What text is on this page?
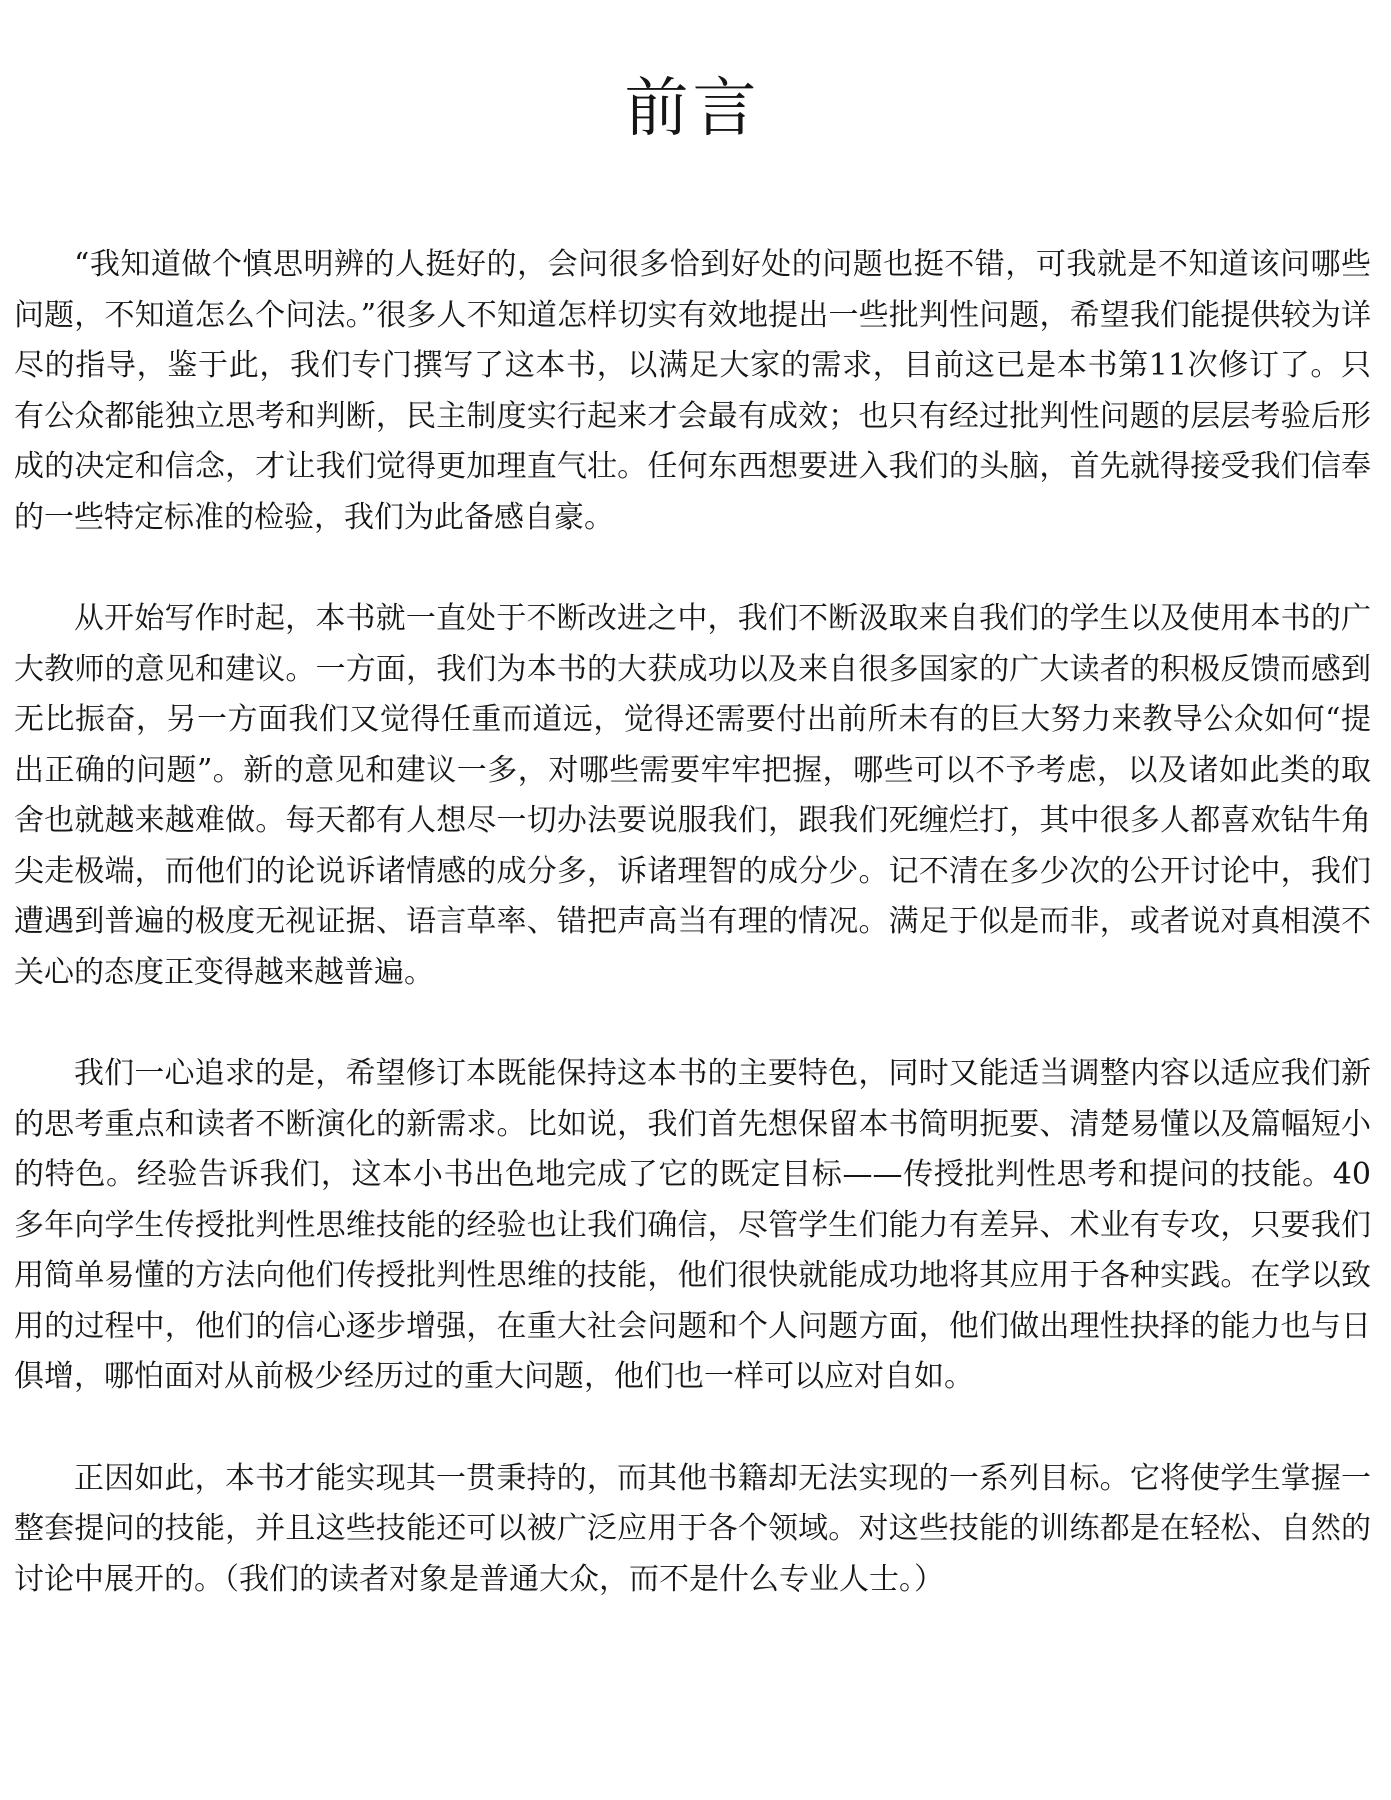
前言

“我知道做个慎思明辨的人挺好的，会问很多恰到好处的问题也挺不错，可我就是不知道该问哪些问题，不知道怎么个问法。”很多人不知道怎样切实有效地提出一些批判性问题，希望我们能提供较为详尽的指导，鉴于此，我们专门撰写了这本书，以满足大家的需求，目前这已是本书第11次修订了。只有公众都能独立思考和判断，民主制度实行起来才会最有成效；也只有经过批判性问题的层层考验后形成的决定和信念，才让我们觉得更加理直气壮。任何东西想要进入我们的头脑，首先就得接受我们信奉的一些特定标准的检验，我们为此备感自豪。

从开始写作时起，本书就一直处于不断改进之中，我们不断汲取来自我们的学生以及使用本书的广大教师的意见和建议。一方面，我们为本书的大获成功以及来自很多国家的广大读者的积极反馈而感到无比振奋，另一方面我们又觉得任重而道远，觉得还需要付出前所未有的巨大努力来教导公众如何“提出正确的问题”。新的意见和建议一多，对哪些需要牢牢把握，哪些可以不予考虑，以及诸如此类的取舍也就越来越难做。每天都有人想尽一切办法要说服我们，跟我们死缠烂打，其中很多人都喜欢钻牛角尖走极端，而他们的论说诉诸情感的成分多，诉诸理智的成分少。记不清在多少次的公开讨论中，我们遭遇到普遍的极度无视证据、语言草率、错把声高当有理的情况。满足于似是而非，或者说对真相漠不关心的态度正变得越来越普遍。

我们一心追求的是，希望修订本既能保持这本书的主要特色，同时又能适当调整内容以适应我们新的思考重点和读者不断演化的新需求。比如说，我们首先想保留本书简明扼要、清楚易懂以及篇幅短小的特色。经验告诉我们，这本小书出色地完成了它的既定目标——传授批判性思考和提问的技能。40多年向学生传授批判性思维技能的经验也让我们确信，尽管学生们能力有差异、术业有专攻，只要我们用简单易懂的方法向他们传授批判性思维的技能，他们很快就能成功地将其应用于各种实践。在学以致用的过程中，他们的信心逐步增强，在重大社会问题和个人问题方面，他们做出理性抉择的能力也与日俱增，哪怕面对从前极少经历过的重大问题，他们也一样可以应对自如。

正因如此，本书才能实现其一贯秉持的，而其他书籍却无法实现的一系列目标。它将使学生掌握一整套提问的技能，并且这些技能还可以被广泛应用于各个领域。对这些技能的训练都是在轻松、自然的讨论中展开的。（我们的读者对象是普通大众，而不是什么专业人士。）
